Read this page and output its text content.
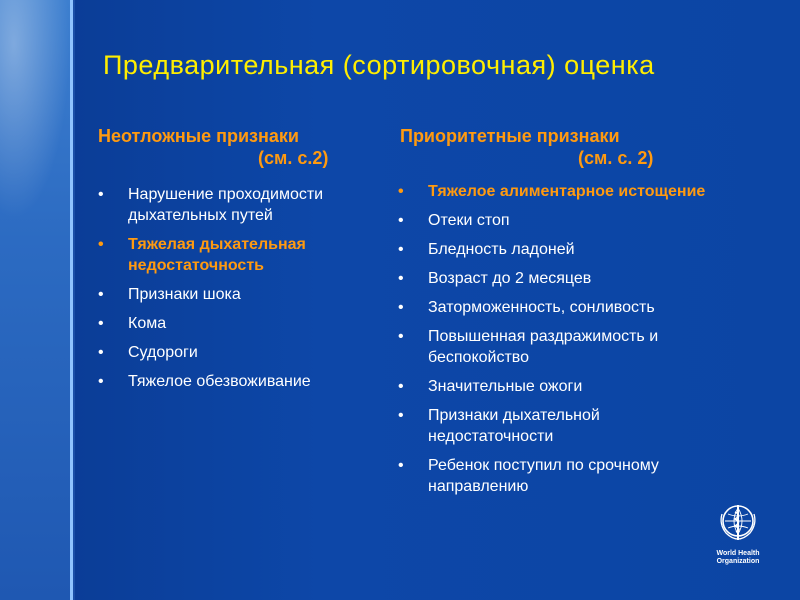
Предварительная (сортировочная) оценка
Неотложные признаки
(см. с.2)
Приоритетные признаки
(см. с. 2)
• Нарушение проходимости дыхательных путей
• Тяжелая дыхательная недостаточность
• Признаки шока
• Кома
• Судороги
• Тяжелое обезвоживание
• Тяжелое алиментарное истощение
• Отеки стоп
• Бледность ладоней
• Возраст до 2 месяцев
• Заторможенность, сонливость
• Повышенная раздражимость и беспокойство
• Значительные ожоги
• Признаки дыхательной недостаточности
• Ребенок поступил по срочному направлению
World Health
Organization
